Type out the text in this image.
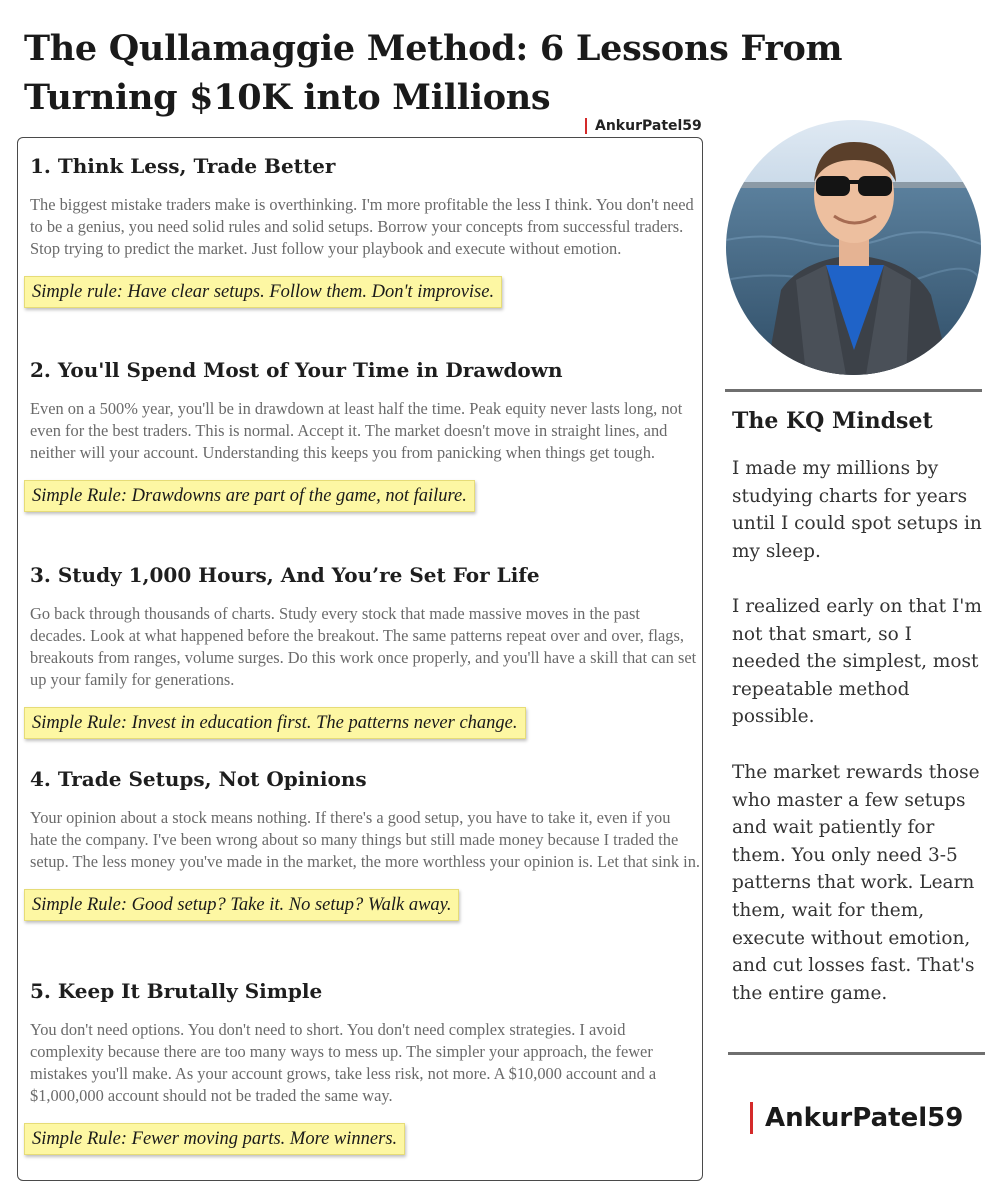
The Qullamaggie Method: 6 Lessons From Turning $10K into Millions
AnkurPatel59
1. Think Less, Trade Better

The biggest mistake traders make is overthinking. I'm more profitable the less I think. You don't need to be a genius, you need solid rules and solid setups. Borrow your concepts from successful traders. Stop trying to predict the market. Just follow your playbook and execute without emotion.

Simple rule: Have clear setups. Follow them. Don't improvise.
2. You'll Spend Most of Your Time in Drawdown

Even on a 500% year, you'll be in drawdown at least half the time. Peak equity never lasts long, not even for the best traders. This is normal. Accept it. The market doesn't move in straight lines, and neither will your account. Understanding this keeps you from panicking when things get tough.

Simple Rule: Drawdowns are part of the game, not failure.
3. Study 1,000 Hours, And You’re Set For Life

Go back through thousands of charts. Study every stock that made massive moves in the past decades. Look at what happened before the breakout. The same patterns repeat over and over, flags, breakouts from ranges, volume surges. Do this work once properly, and you'll have a skill that can set up your family for generations.

Simple Rule: Invest in education first. The patterns never change.
4. Trade Setups, Not Opinions

Your opinion about a stock means nothing. If there's a good setup, you have to take it, even if you hate the company. I've been wrong about so many things but still made money because I traded the setup. The less money you've made in the market, the more worthless your opinion is. Let that sink in.

Simple Rule: Good setup? Take it. No setup? Walk away.
5. Keep It Brutally Simple

You don't need options. You don't need to short. You don't need complex strategies. I avoid complexity because there are too many ways to mess up. The simpler your approach, the fewer mistakes you'll make. As your account grows, take less risk, not more. A $10,000 account and a $1,000,000 account should not be traded the same way.

Simple Rule: Fewer moving parts. More winners.
The KQ Mindset

I made my millions by studying charts for years until I could spot setups in my sleep.

I realized early on that I'm not that smart, so I needed the simplest, most repeatable method possible.

The market rewards those who master a few setups and wait patiently for them. You only need 3-5 patterns that work. Learn them, wait for them, execute without emotion, and cut losses fast. That's the entire game.

AnkurPatel59
